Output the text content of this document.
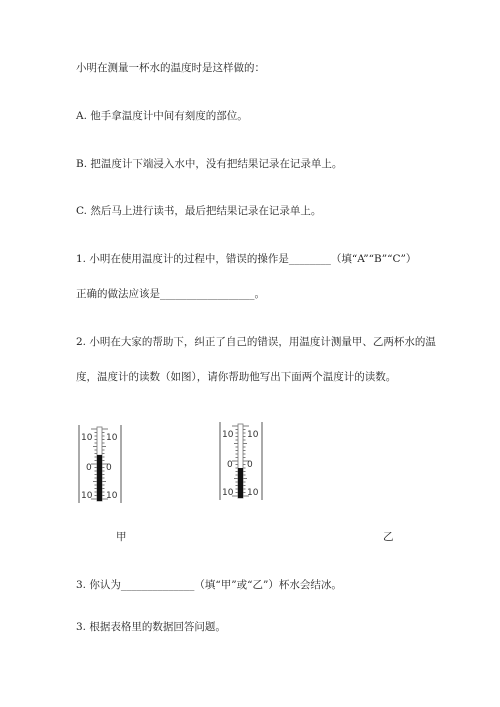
小明在测量一杯水的温度时是这样做的：
A. 他手拿温度计中间有刻度的部位。
B. 把温度计下端浸入水中，没有把结果记录在记录单上。
C. 然后马上进行读书，最后把结果记录在记录单上。
1. 小明在使用温度计的过程中，错误的操作是________（填“A”“B”“C”）
正确的做法应该是__________________。
2. 小明在大家的帮助下，纠正了自己的错误，用温度计测量甲、乙两杯水的温
度，温度计的读数（如图），请你帮助他写出下面两个温度计的读数。
10
0
10
10
0
10
10
0
10
10
0
10
甲	乙
3. 你认为______________（填“甲”或“乙”）杯水会结冰。
3. 根据表格里的数据回答问题。
